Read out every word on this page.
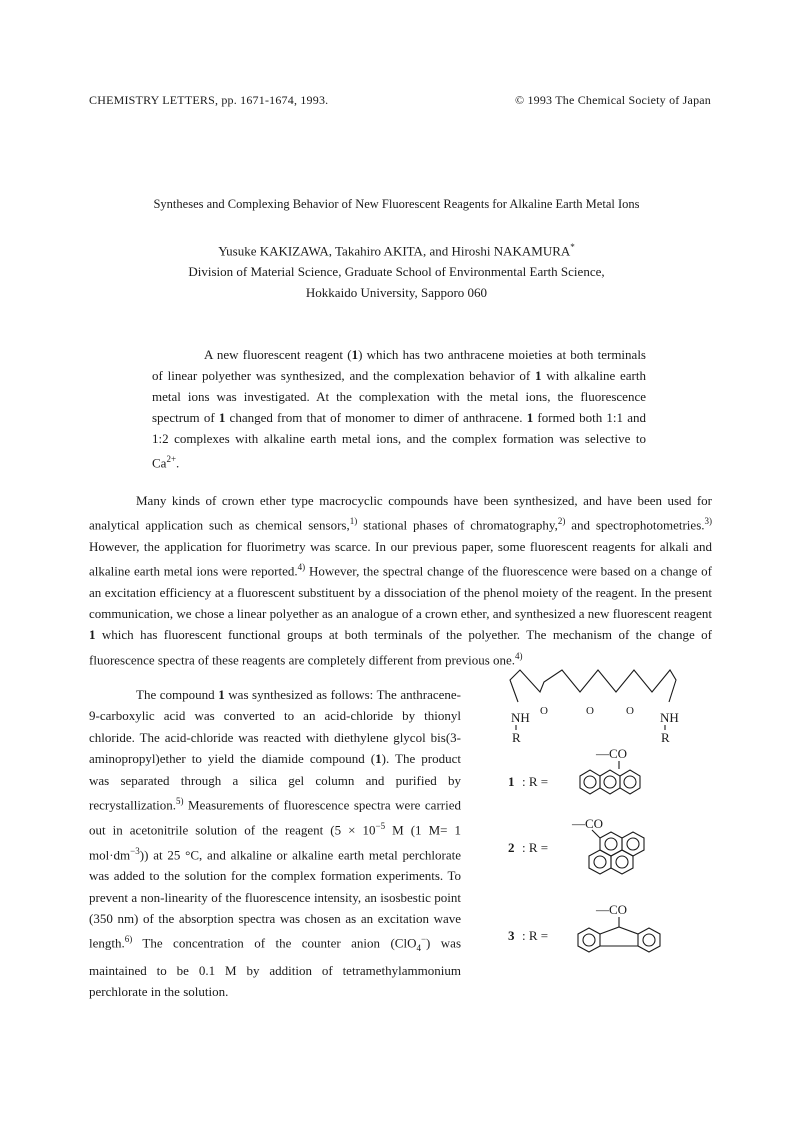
CHEMISTRY LETTERS, pp. 1671-1674, 1993.	© 1993 The Chemical Society of Japan
Syntheses and Complexing Behavior of New Fluorescent Reagents for Alkaline Earth Metal Ions
Yusuke KAKIZAWA, Takahiro AKITA, and Hiroshi NAKAMURA*
Division of Material Science, Graduate School of Environmental Earth Science,
Hokkaido University, Sapporo 060

A new fluorescent reagent (1) which has two anthracene moieties at both terminals of linear polyether was synthesized, and the complexation behavior of 1 with alkaline earth metal ions was investigated. At the complexation with the metal ions, the fluorescence spectrum of 1 changed from that of monomer to dimer of anthracene. 1 formed both 1:1 and 1:2 complexes with alkaline earth metal ions, and the complex formation was selective to $Ca^{2+}$.

Many kinds of crown ether type macrocyclic compounds have been synthesized, and have been used for analytical application such as chemical sensors,$^{1)}$ stational phases of chromatography,$^{2)}$ and spectrophotometries.$^{3)}$ However, the application for fluorimetry was scarce. In our previous paper, some fluorescent reagents for alkali and alkaline earth metal ions were reported.$^{4)}$ However, the spectral change of the fluorescence were based on a change of an excitation efficiency at a fluorescent substituent by a dissociation of the phenol moiety of the reagent. In the present communication, we chose a linear polyether as an analogue of a crown ether, and synthesized a new fluorescent reagent 1 which has fluorescent functional groups at both terminals of the polyether. The mechanism of the change of fluorescence spectra of these reagents are completely different from previous one.$^{4)}$

The compound 1 was synthesized as follows: The anthracene-9-carboxylic acid was converted to an acid-chloride by thionyl chloride. The acid-chloride was reacted with diethylene glycol bis(3-aminopropyl)ether to yield the diamide compound (1). The product was separated through a silica gel column and purified by recrystallization.$^{5)}$ Measurements of fluorescence spectra were carried out in acetonitrile solution of the reagent ($5 \times 10^{-5}$ M (1 M= 1 $mol\cdot dm^{-3}$)) at 25 °C, and alkaline or alkaline earth metal perchlorate was added to the solution for the complex formation experiments. To prevent a non-linearity of the fluorescence intensity, an isosbestic point (350 nm) of the absorption spectra was chosen as an excitation wave length.$^{6)}$ The concentration of the counter anion (ClO$_4$−) was maintained to be 0.1 M by addition of tetramethylammonium perchlorate in the solution.

O	O	O
NH	NH
R	R
—CO
1 : R =
—CO
2 : R =
—CO
3 : R =
